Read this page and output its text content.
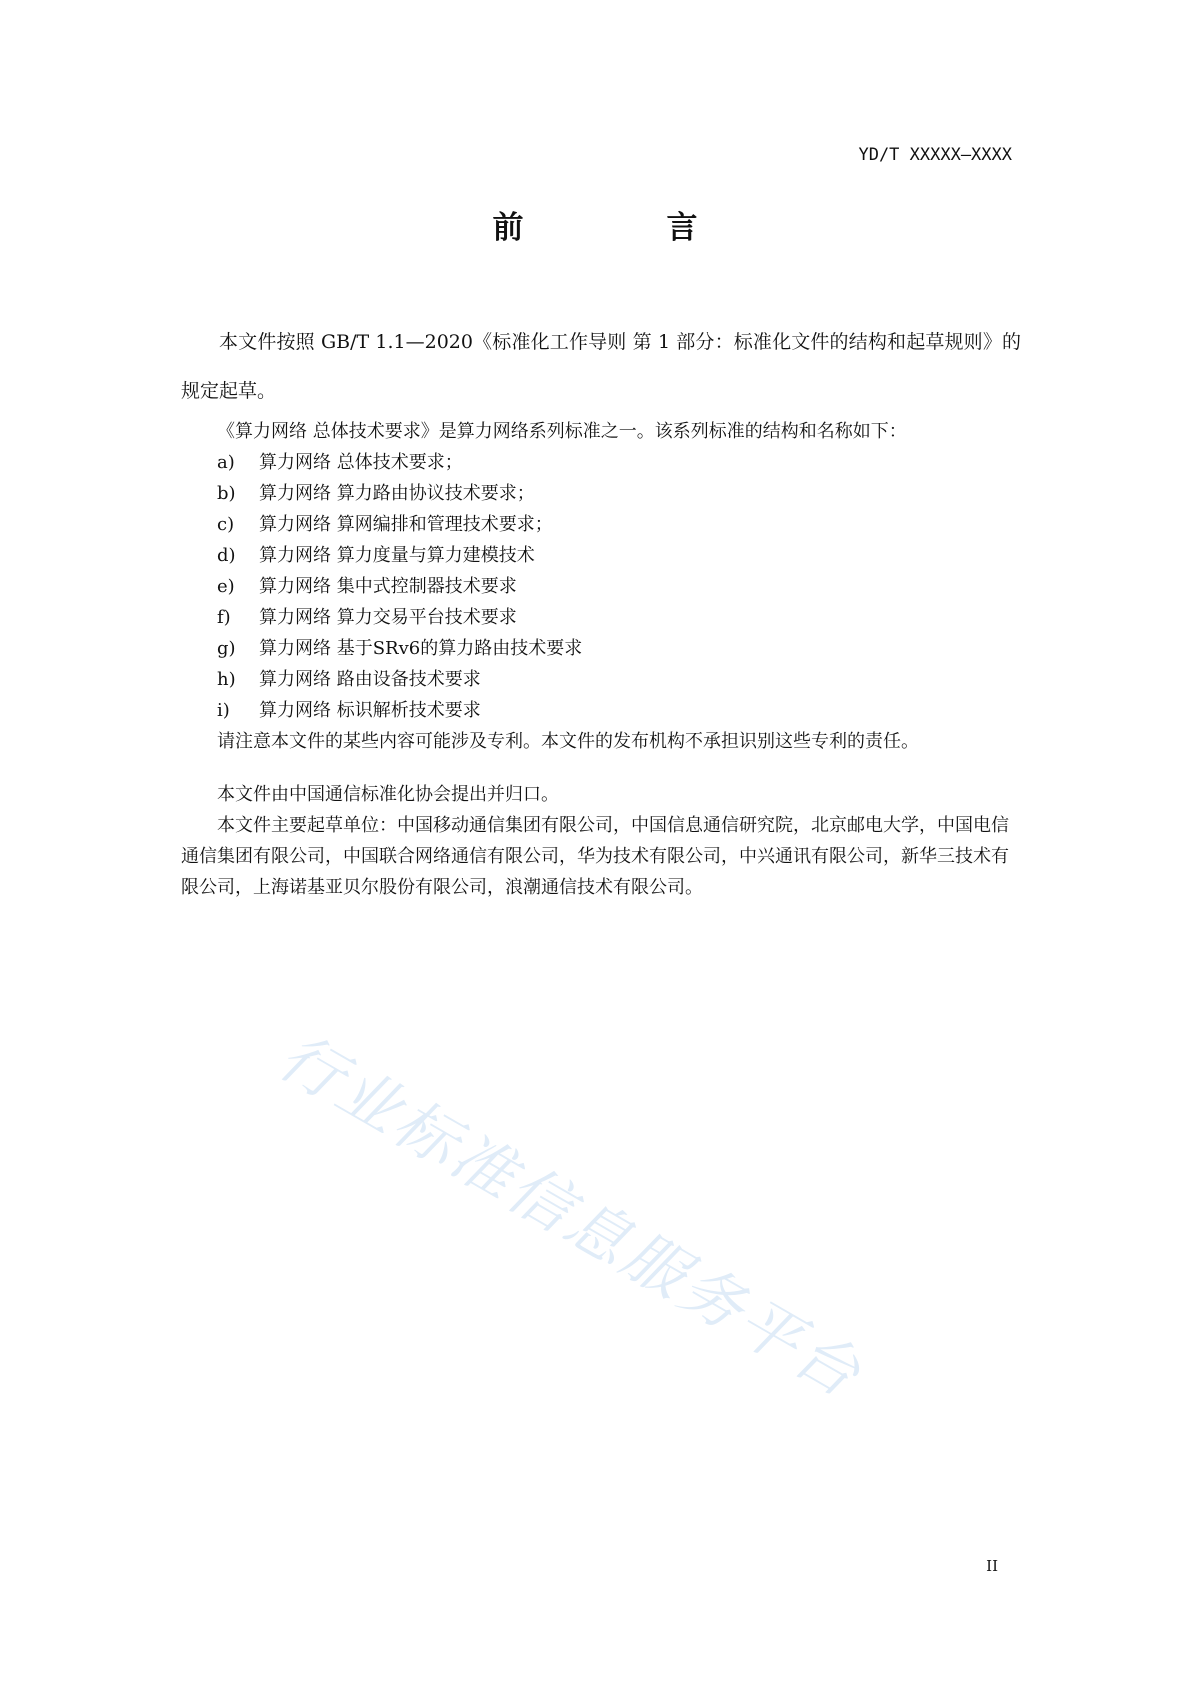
YD/T XXXXX—XXXX
前　言

本文件按照 GB/T 1.1—2020《标准化工作导则 第 1 部分：标准化文件的结构和起草规则》的规定起草。

《算力网络 总体技术要求》是算力网络系列标准之一。该系列标准的结构和名称如下：

a)	算力网络 总体技术要求；
b)	算力网络 算力路由协议技术要求；
c)	算力网络 算网编排和管理技术要求；
d)	算力网络 算力度量与算力建模技术
e)	算力网络 集中式控制器技术要求
f)	算力网络 算力交易平台技术要求
g)	算力网络 基于SRv6的算力路由技术要求
h)	算力网络 路由设备技术要求
i)	算力网络 标识解析技术要求

请注意本文件的某些内容可能涉及专利。本文件的发布机构不承担识别这些专利的责任。

本文件由中国通信标准化协会提出并归口。

本文件主要起草单位：中国移动通信集团有限公司，中国信息通信研究院，北京邮电大学，中国电信通信集团有限公司，中国联合网络通信有限公司，华为技术有限公司，中兴通讯有限公司，新华三技术有限公司，上海诺基亚贝尔股份有限公司，浪潮通信技术有限公司。

行业标准信息服务平台
II
